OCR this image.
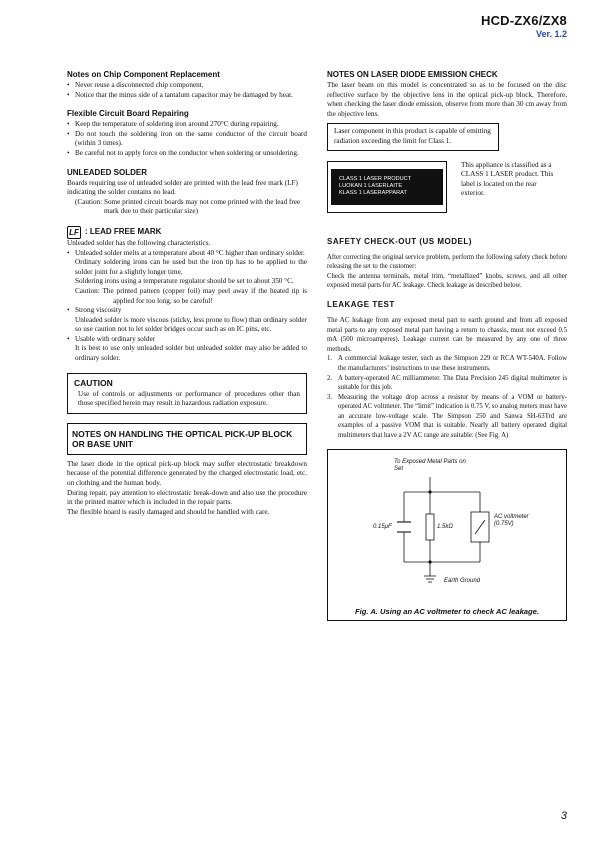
HCD-ZX6/ZX8
Ver. 1.2
Notes on Chip Component Replacement
• Never reuse a disconnected chip component.
• Notice that the minus side of a tantalum capacitor may be damaged by heat.
Flexible Circuit Board Repairing
• Keep the temperature of soldering iron around 270°C during repairing.
• Do not touch the soldering iron on the same conductor of the circuit board (within 3 times).
• Be careful not to apply force on the conductor when soldering or unsoldering.
UNLEADED SOLDER

Boards requiring use of unleaded solder are printed with the lead free mark (LF) indicating the solder contains no lead.

(Caution: Some printed circuit boards may not come printed with the lead free mark due to their particular size)

LF : LEAD FREE MARK

Unleaded solder has the following characteristics.

• Unleaded solder melts at a temperature about 40 °C higher than ordinary solder.
Ordinary soldering irons can be used but the iron tip has to be applied to the solder joint for a slightly longer time.
Soldering irons using a temperature regulator should be set to about 350 °C.
Caution: The printed pattern (copper foil) may peel away if the heated tip is applied for too long, so be careful!
• Strong viscosity
Unleaded solder is more viscous (sticky, less prone to flow) than ordinary solder so use caution not to let solder bridges occur such as on IC pins, etc.
• Usable with ordinary solder
It is best to use only unleaded solder but unleaded solder may also be added to ordinary solder.
CAUTION

Use of controls or adjustments or performance of procedures other than those specified herein may result in hazardous radiation exposure.

NOTES ON HANDLING THE OPTICAL PICK-UP BLOCK OR BASE UNIT

The laser diode in the optical pick-up block may suffer electrostatic breakdown because of the potential difference generated by the charged electrostatic load, etc. on clothing and the human body.

During repair, pay attention to electrostatic break-down and also use the procedure in the printed matter which is included in the repair parts.

The flexible board is easily damaged and should be handled with care.

NOTES ON LASER DIODE EMISSION CHECK

The laser beam on this model is concentrated so as to be focused on the disc reflective surface by the objective lens in the optical pick-up block. Therefore, when checking the laser diode emission, observe from more than 30 cm away from the objective lens.

Laser component in this product is capable of emitting radiation exceeding the limit for Class 1.

CLASS 1 LASER PRODUCT
LUOKAN 1 LASERLAITE
KLASS 1 LASERAPPARAT

This appliance is classified as a CLASS 1 LASER product. This label is located on the rear exterior.

SAFETY CHECK-OUT (US MODEL)

After correcting the original service problem, perform the following safety check before releasing the set to the customer:

Check the antenna terminals, metal trim, “metallized” knobs, screws, and all other exposed metal parts for AC leakage. Check leakage as described below.

LEAKAGE TEST

The AC leakage from any exposed metal part to earth ground and from all exposed metal parts to any exposed metal part having a return to chassis, must not exceed 0.5 mA (500 microamperes). Leakage current can be measured by any one of three methods.

1. A commercial leakage tester, such as the Simpson 229 or RCA WT-540A. Follow the manufacturers’ instructions to use these instruments.
2. A battery-operated AC milliammeter. The Data Precision 245 digital multimeter is suitable for this job.
3. Measuring the voltage drop across a resistor by means of a VOM or battery-operated AC voltmeter. The “limit” indication is 0.75 V, so analog meters must have an accurate low-voltage scale. The Simpson 250 and Sanwa SH-63Trd are examples of a passive VOM that is suitable. Nearly all battery operated digital multimeters that have a 2V AC range are suitable. (See Fig. A)
To Exposed Metal Parts on Set
0.15μF	1.5kΩ
AC voltmeter (0.75V)
Earth Ground
Fig. A. Using an AC voltmeter to check AC leakage.
3
